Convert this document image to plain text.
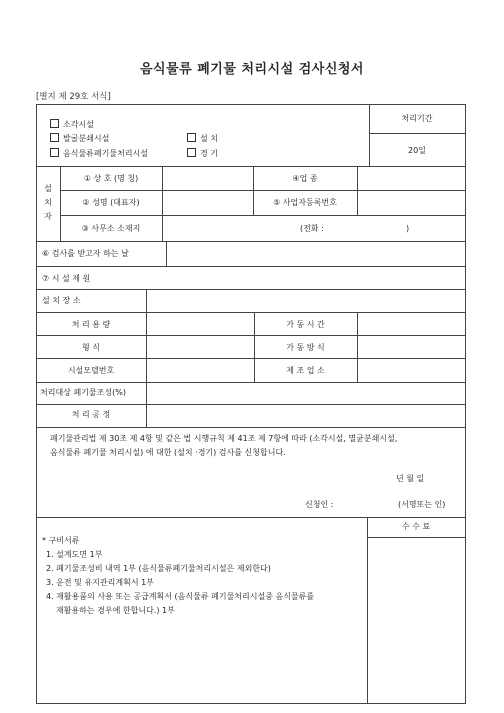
음식물류 폐기물 처리시설 검사신청서
[별지 제 29호 서식]
처리기간
20일
소각시설
발굴분쇄시설
음식물류폐기물처리시설
설 치
경 기
설
치
자
① 상 호 (명 칭)	④업 종
② 성명 (대표자)	⑤ 사업자등록번호
③ 사무소 소재지	(전화 :	)
⑥ 검사를 받고자 하는 날
⑦ 시 설 제 원
설 치 장 소
처 리 용 량	가 동 시 간
형 식	가 동 방 식
시설모델번호	제 조 업 소
처리대상 폐기물조성(%)
처 리 공 정
폐기물관리법 제 30조 제 4항 및 같은 법 시행규칙 제 41조 제 7항에 따라 (소각시설, 멸균분쇄시설,
음식물류 폐기물 처리시설) 에 대한 (설치 ·경기) 검사를 신청합니다.
년 월 일
신청인 :	(서명또는 인)
수 수 료
* 구비서류
1. 설계도면 1부
2. 폐기물조성비 내역 1부 (음식물류폐기물처리시설은 제외한다)
3. 운전 및 유지관리계획서 1부
4. 재활용품의 사용 또는 공급계획서 (음식물류 폐기물처리시설중 음식물류를
재활용하는 경우에 한합니다.) 1부
